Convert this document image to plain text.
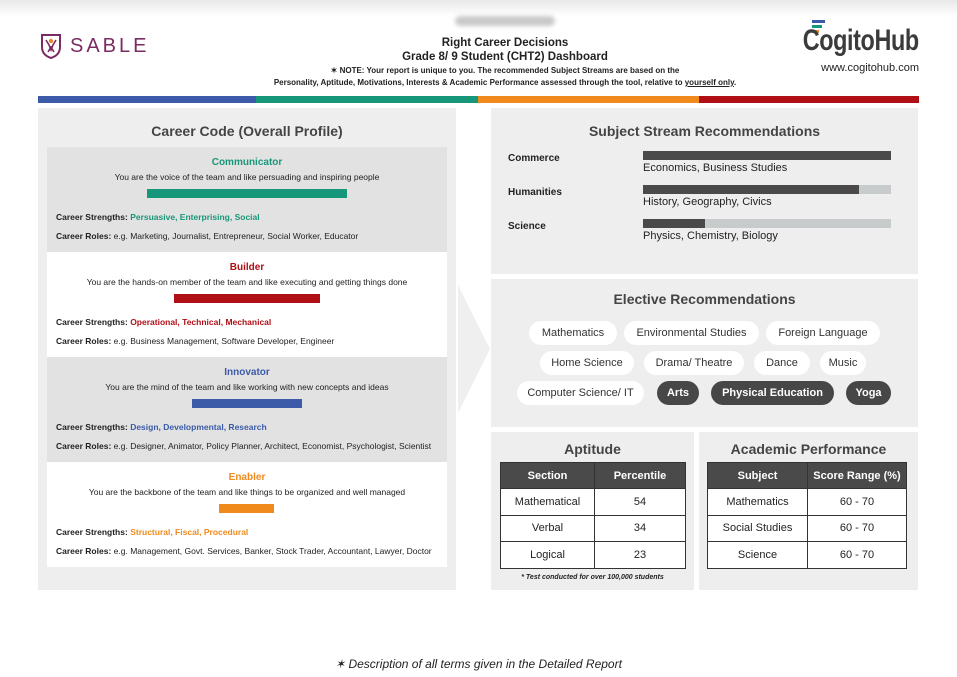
SABLE	Right Career Decisions
Grade 8/ 9 Student (CHT2) Dashboard
✶ NOTE: Your report is unique to you. The recommended Subject Streams are based on the
Personality, Aptitude, Motivations, Interests & Academic Performance assessed through the tool, relative to yourself only.
CogitoHub
www.cogitohub.com
Career Code (Overall Profile)
Communicator
You are the voice of the team and like persuading and inspiring people
Career Strengths: Persuasive, Enterprising, Social
Career Roles: e.g. Marketing, Journalist, Entrepreneur, Social Worker, Educator
Builder
You are the hands-on member of the team and like executing and getting things done
Career Strengths: Operational, Technical, Mechanical
Career Roles: e.g. Business Management, Software Developer, Engineer
Innovator
You are the mind of the team and like working with new concepts and ideas
Career Strengths: Design, Developmental, Research
Career Roles: e.g. Designer, Animator, Policy Planner, Architect, Economist, Psychologist, Scientist
Enabler
You are the backbone of the team and like things to be organized and well managed
Career Strengths: Structural, Fiscal, Procedural
Career Roles: e.g. Management, Govt. Services, Banker, Stock Trader, Accountant, Lawyer, Doctor
Subject Stream Recommendations
Commerce
Economics, Business Studies
Humanities
History, Geography, Civics
Science
Physics, Chemistry, Biology
Elective Recommendations
Mathematics	Environmental Studies	Foreign Language
Home Science	Drama/ Theatre	Dance	Music
Computer Science/ IT	Arts	Physical Education	Yoga
Aptitude
Section	Percentile
Mathematical	54
Verbal	34
Logical	23
* Test conducted for over 100,000 students
Academic Performance
Subject	Score Range (%)
Mathematics	60 - 70
Social Studies	60 - 70
Science	60 - 70
✶ Description of all terms given in the Detailed Report
